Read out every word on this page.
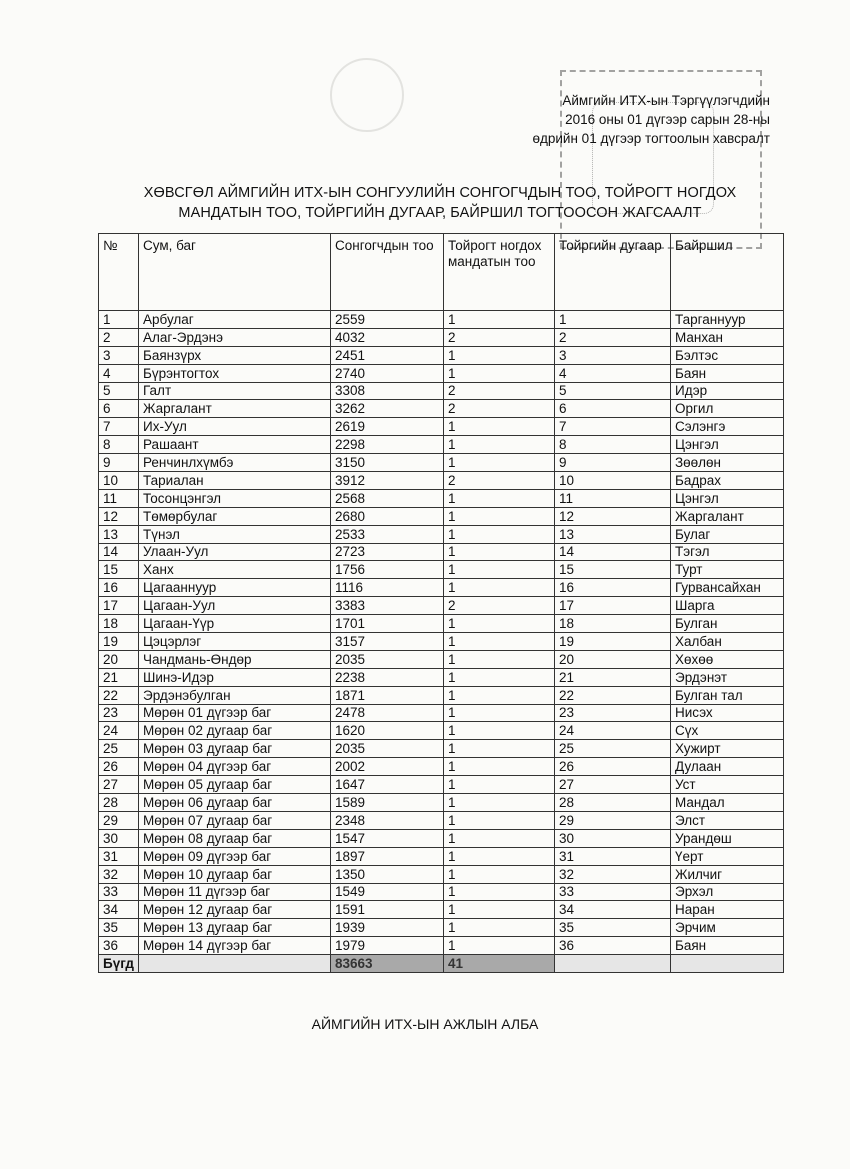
Аймгийн ИТХ-ын Тэргүүлэгчдийн
2016 оны 01 дүгээр сарын 28-ны
өдрийн 01 дүгээр тогтоолын хавсралт
ХӨВСГӨЛ АЙМГИЙН ИТХ-ЫН СОНГУУЛИЙН СОНГОГЧДЫН ТОО, ТОЙРОГТ НОГДОХ
МАНДАТЫН ТОО, ТОЙРГИЙН ДУГААР, БАЙРШИЛ ТОГТООСОН ЖАГСААЛТ
№	Сум, баг	Сонгогчдын тоо	Тойрогт ногдох мандатын тоо	Тойргийн дугаар	Байршил
1	Арбулаг	2559	1	1	Тарганнуур
2	Алаг-Эрдэнэ	4032	2	2	Манхан
3	Баянзүрх	2451	1	3	Бэлтэс
4	Бүрэнтогтох	2740	1	4	Баян
5	Галт	3308	2	5	Идэр
6	Жаргалант	3262	2	6	Оргил
7	Их-Уул	2619	1	7	Сэлэнгэ
8	Рашаант	2298	1	8	Цэнгэл
9	Ренчинлхүмбэ	3150	1	9	Зөөлөн
10	Тариалан	3912	2	10	Бадрах
11	Тосонцэнгэл	2568	1	11	Цэнгэл
12	Төмөрбулаг	2680	1	12	Жаргалант
13	Түнэл	2533	1	13	Булаг
14	Улаан-Уул	2723	1	14	Тэгэл
15	Ханх	1756	1	15	Турт
16	Цагааннуур	1116	1	16	Гурвансайхан
17	Цагаан-Уул	3383	2	17	Шарга
18	Цагаан-Үүр	1701	1	18	Булган
19	Цэцэрлэг	3157	1	19	Халбан
20	Чандмань-Өндөр	2035	1	20	Хөхөө
21	Шинэ-Идэр	2238	1	21	Эрдэнэт
22	Эрдэнэбулган	1871	1	22	Булган тал
23	Мөрөн 01 дүгээр баг	2478	1	23	Нисэх
24	Мөрөн 02 дугаар баг	1620	1	24	Сүх
25	Мөрөн 03 дугаар баг	2035	1	25	Хужирт
26	Мөрөн 04 дүгээр баг	2002	1	26	Дулаан
27	Мөрөн 05 дугаар баг	1647	1	27	Уст
28	Мөрөн 06 дугаар баг	1589	1	28	Мандал
29	Мөрөн 07 дугаар баг	2348	1	29	Элст
30	Мөрөн 08 дугаар баг	1547	1	30	Урандөш
31	Мөрөн 09 дүгээр баг	1897	1	31	Үерт
32	Мөрөн 10 дугаар баг	1350	1	32	Жилчиг
33	Мөрөн 11 дүгээр баг	1549	1	33	Эрхэл
34	Мөрөн 12 дугаар баг	1591	1	34	Наран
35	Мөрөн 13 дугаар баг	1939	1	35	Эрчим
36	Мөрөн 14 дүгээр баг	1979	1	36	Баян
Бүгд		83663	41		
АЙМГИЙН ИТХ-ЫН АЖЛЫН АЛБА
